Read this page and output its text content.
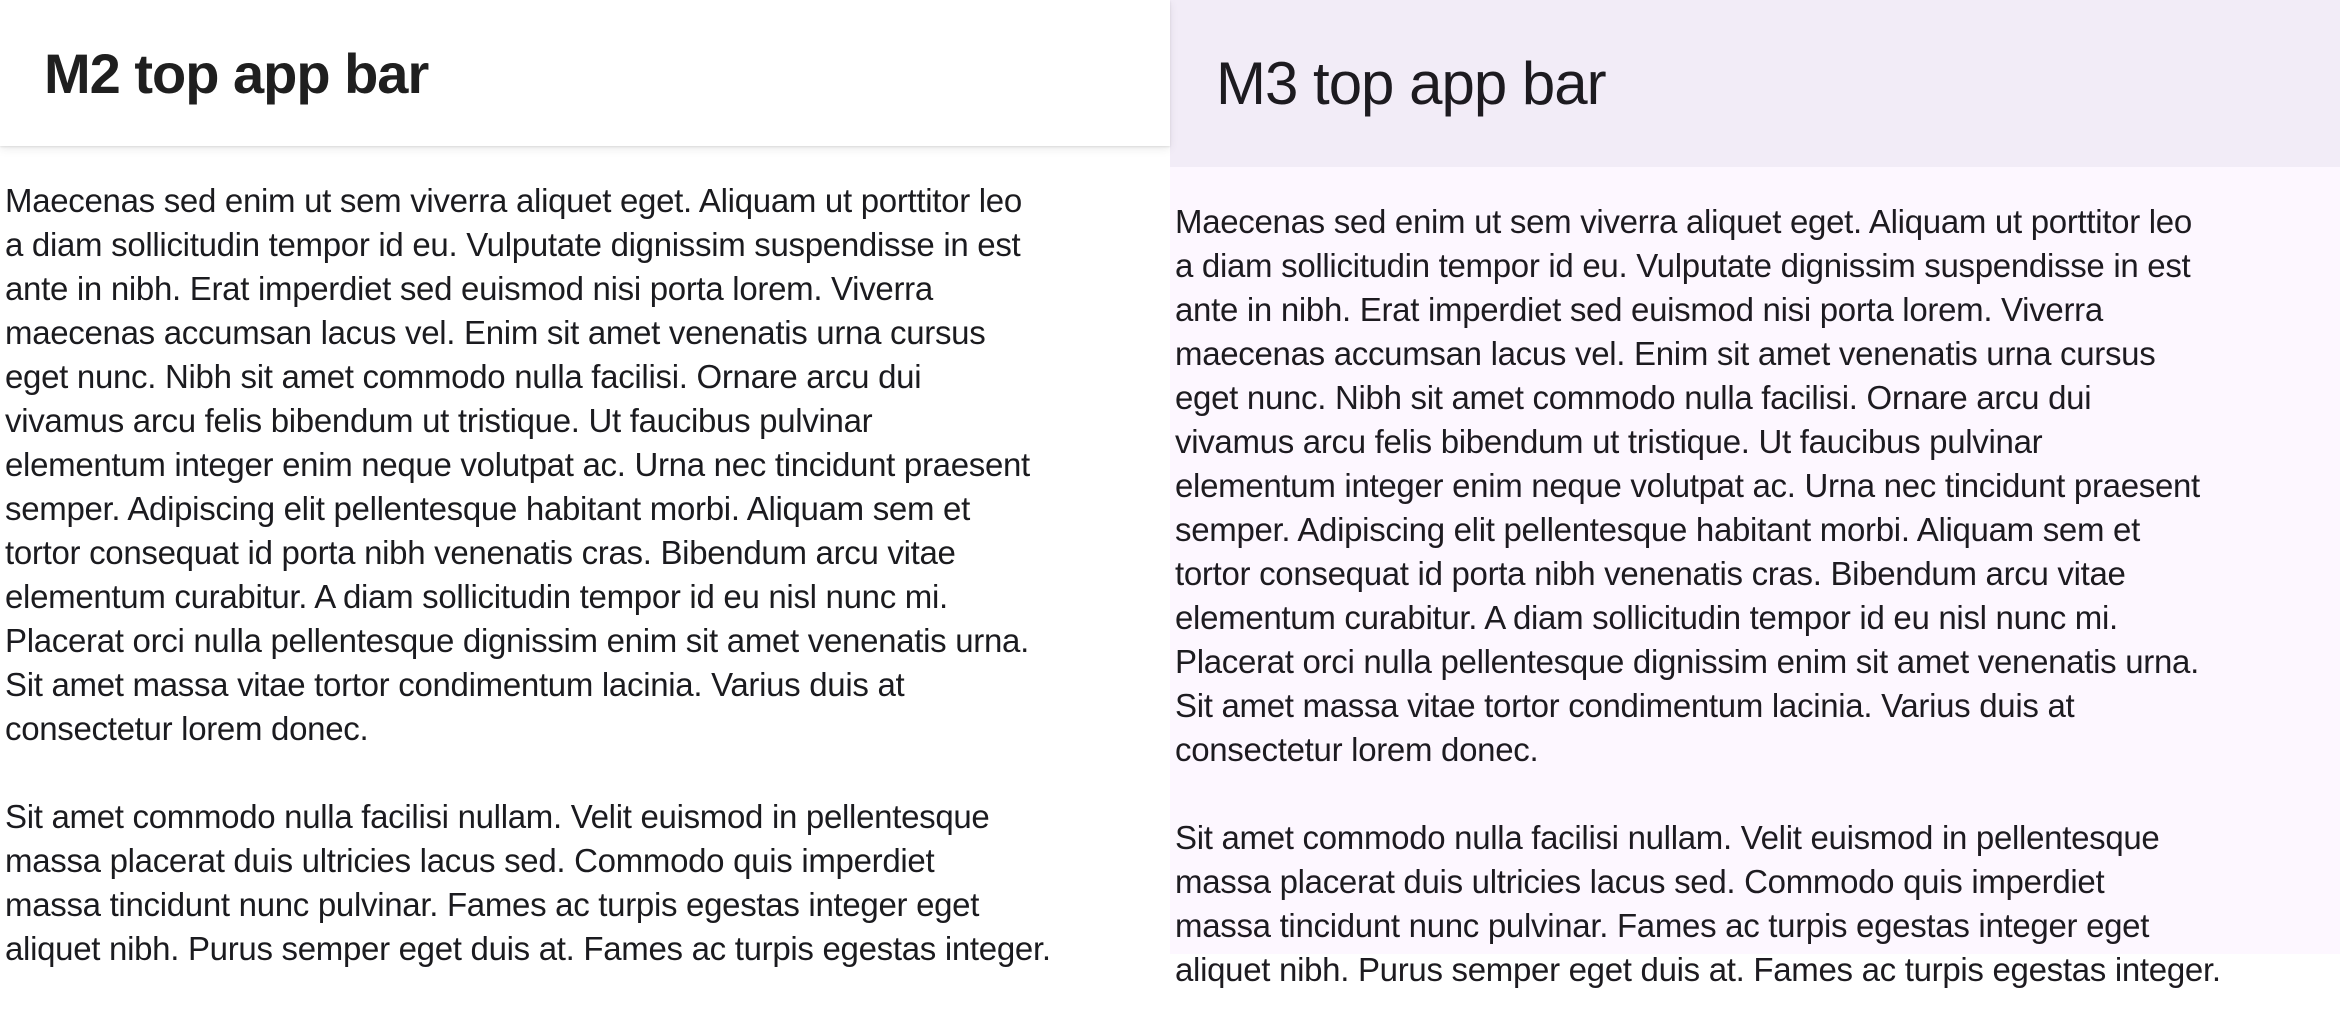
M2 top app bar

Maecenas sed enim ut sem viverra aliquet eget. Aliquam ut porttitor leo
a diam sollicitudin tempor id eu. Vulputate dignissim suspendisse in est
ante in nibh. Erat imperdiet sed euismod nisi porta lorem. Viverra
maecenas accumsan lacus vel. Enim sit amet venenatis urna cursus
eget nunc. Nibh sit amet commodo nulla facilisi. Ornare arcu dui
vivamus arcu felis bibendum ut tristique. Ut faucibus pulvinar
elementum integer enim neque volutpat ac. Urna nec tincidunt praesent
semper. Adipiscing elit pellentesque habitant morbi. Aliquam sem et
tortor consequat id porta nibh venenatis cras. Bibendum arcu vitae
elementum curabitur. A diam sollicitudin tempor id eu nisl nunc mi.
Placerat orci nulla pellentesque dignissim enim sit amet venenatis urna.
Sit amet massa vitae tortor condimentum lacinia. Varius duis at
consectetur lorem donec.

Sit amet commodo nulla facilisi nullam. Velit euismod in pellentesque
massa placerat duis ultricies lacus sed. Commodo quis imperdiet
massa tincidunt nunc pulvinar. Fames ac turpis egestas integer eget
aliquet nibh. Purus semper eget duis at. Fames ac turpis egestas integer.

M3 top app bar

Maecenas sed enim ut sem viverra aliquet eget. Aliquam ut porttitor leo
a diam sollicitudin tempor id eu. Vulputate dignissim suspendisse in est
ante in nibh. Erat imperdiet sed euismod nisi porta lorem. Viverra
maecenas accumsan lacus vel. Enim sit amet venenatis urna cursus
eget nunc. Nibh sit amet commodo nulla facilisi. Ornare arcu dui
vivamus arcu felis bibendum ut tristique. Ut faucibus pulvinar
elementum integer enim neque volutpat ac. Urna nec tincidunt praesent
semper. Adipiscing elit pellentesque habitant morbi. Aliquam sem et
tortor consequat id porta nibh venenatis cras. Bibendum arcu vitae
elementum curabitur. A diam sollicitudin tempor id eu nisl nunc mi.
Placerat orci nulla pellentesque dignissim enim sit amet venenatis urna.
Sit amet massa vitae tortor condimentum lacinia. Varius duis at
consectetur lorem donec.

Sit amet commodo nulla facilisi nullam. Velit euismod in pellentesque
massa placerat duis ultricies lacus sed. Commodo quis imperdiet
massa tincidunt nunc pulvinar. Fames ac turpis egestas integer eget
aliquet nibh. Purus semper eget duis at. Fames ac turpis egestas integer.
